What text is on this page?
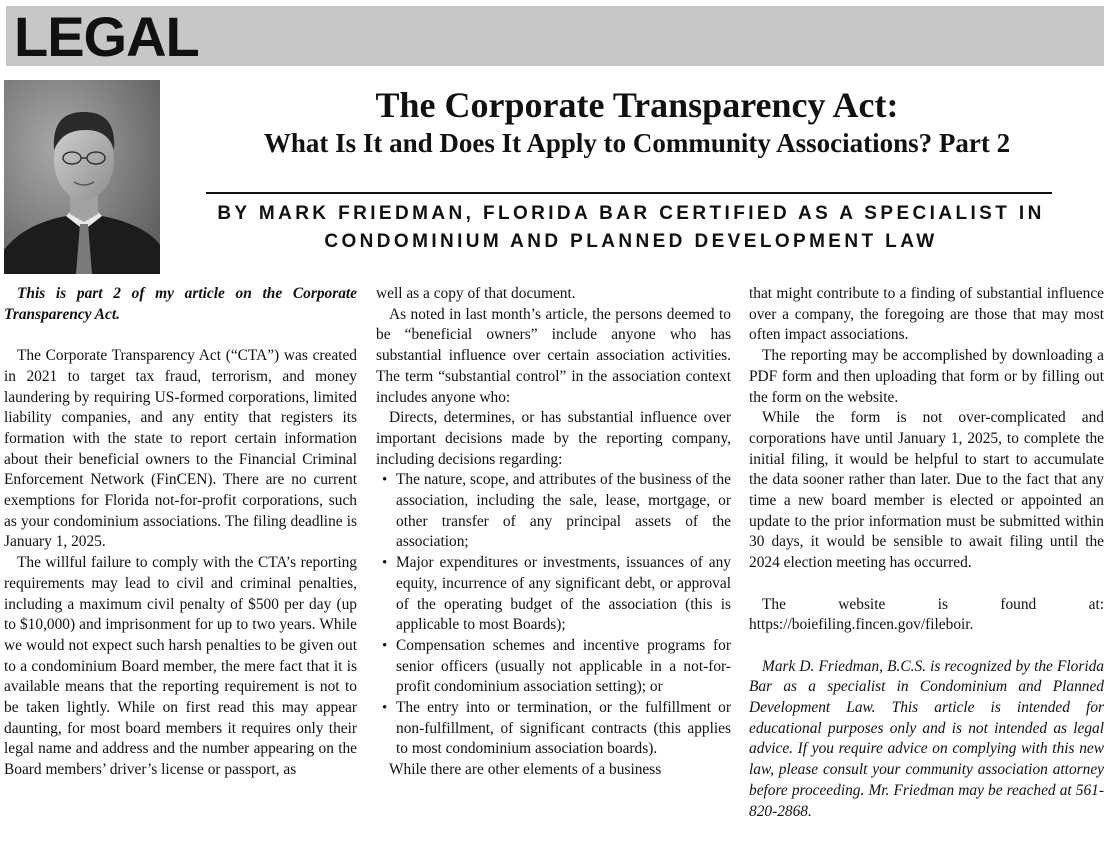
LEGAL
The Corporate Transparency Act:
What Is It and Does It Apply to Community Associations? Part 2
BY MARK FRIEDMAN, FLORIDA BAR CERTIFIED AS A SPECIALIST IN
CONDOMINIUM AND PLANNED DEVELOPMENT LAW

This is part 2 of my article on the Corporate Transparency Act.

The Corporate Transparency Act (“CTA”) was created in 2021 to target tax fraud, terrorism, and money laundering by requiring US-formed corporations, limited liability companies, and any entity that registers its formation with the state to report certain information about their beneficial owners to the Financial Criminal Enforcement Network (FinCEN). There are no current exemptions for Florida not-for-profit corporations, such as your condominium associations. The filing deadline is January 1, 2025.

The willful failure to comply with the CTA’s reporting requirements may lead to civil and criminal penalties, including a maximum civil penalty of $500 per day (up to $10,000) and imprisonment for up to two years. While we would not expect such harsh penalties to be given out to a condominium Board member, the mere fact that it is available means that the reporting requirement is not to be taken lightly. While on first read this may appear daunting, for most board members it requires only their legal name and address and the number appearing on the Board members’ driver’s license or passport, as

well as a copy of that document.

As noted in last month’s article, the persons deemed to be “beneficial owners” include anyone who has substantial influence over certain association activities. The term “substantial control” in the association context includes anyone who:

Directs, determines, or has substantial influence over important decisions made by the reporting company, including decisions regarding:

• The nature, scope, and attributes of the business of the association, including the sale, lease, mortgage, or other transfer of any principal assets of the association;
• Major expenditures or investments, issuances of any equity, incurrence of any significant debt, or approval of the operating budget of the association (this is applicable to most Boards);
• Compensation schemes and incentive programs for senior officers (usually not applicable in a not-for-profit condominium association setting); or
• The entry into or termination, or the fulfillment or non-fulfillment, of significant contracts (this applies to most condominium association boards).

While there are other elements of a business

that might contribute to a finding of substantial influence over a company, the foregoing are those that may most often impact associations.

The reporting may be accomplished by downloading a PDF form and then uploading that form or by filling out the form on the website.

While the form is not over-complicated and corporations have until January 1, 2025, to complete the initial filing, it would be helpful to start to accumulate the data sooner rather than later. Due to the fact that any time a new board member is elected or appointed an update to the prior information must be submitted within 30 days, it would be sensible to await filing until the 2024 election meeting has occurred.

The website is found at: https://boiefiling.fincen.gov/fileboir.

Mark D. Friedman, B.C.S. is recognized by the Florida Bar as a specialist in Condominium and Planned Development Law. This article is intended for educational purposes only and is not intended as legal advice. If you require advice on complying with this new law, please consult your community association attorney before proceeding. Mr. Friedman may be reached at 561-820-2868.
